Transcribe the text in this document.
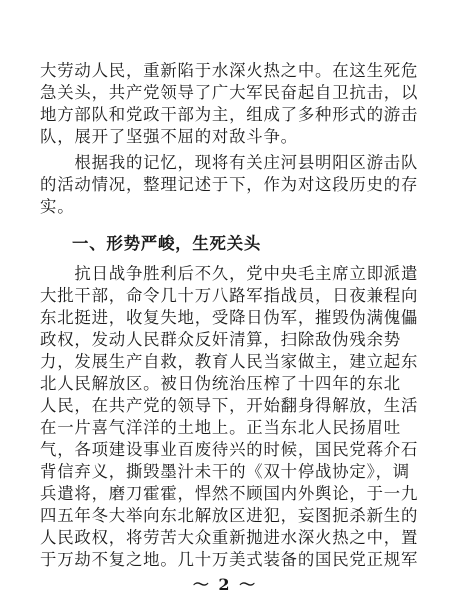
大劳动人民，重新陷于水深火热之中。在这生死危
急关头，共产党领导了广大军民奋起自卫抗击，以
地方部队和党政干部为主，组成了多种形式的游击
队，展开了坚强不屈的对敌斗争。
　　根据我的记忆，现将有关庄河县明阳区游击队
的活动情况，整理记述于下，作为对这段历史的存
实。
一、形势严峻，生死关头
　　抗日战争胜利后不久，党中央毛主席立即派遣
大批干部，命令几十万八路军指战员，日夜兼程向
东北挺进，收复失地，受降日伪军，摧毁伪满傀儡
政权，发动人民群众反奸清算，扫除敌伪残余势
力，发展生产自救，教育人民当家做主，建立起东
北人民解放区。被日伪统治压榨了十四年的东北
人民，在共产党的领导下，开始翻身得解放，生活
在一片喜气洋洋的土地上。正当东北人民扬眉吐
气，各项建设事业百废待兴的时候，国民党蒋介石
背信弃义，撕毁墨汁未干的《双十停战协定》，调
兵遣将，磨刀霍霍，悍然不顾国内外舆论，于一九
四五年冬大举向东北解放区进犯，妄图扼杀新生的
人民政权，将劳苦大众重新抛进水深火热之中，置
于万劫不复之地。几十万美式装备的国民党正规军
～ 2 ～
